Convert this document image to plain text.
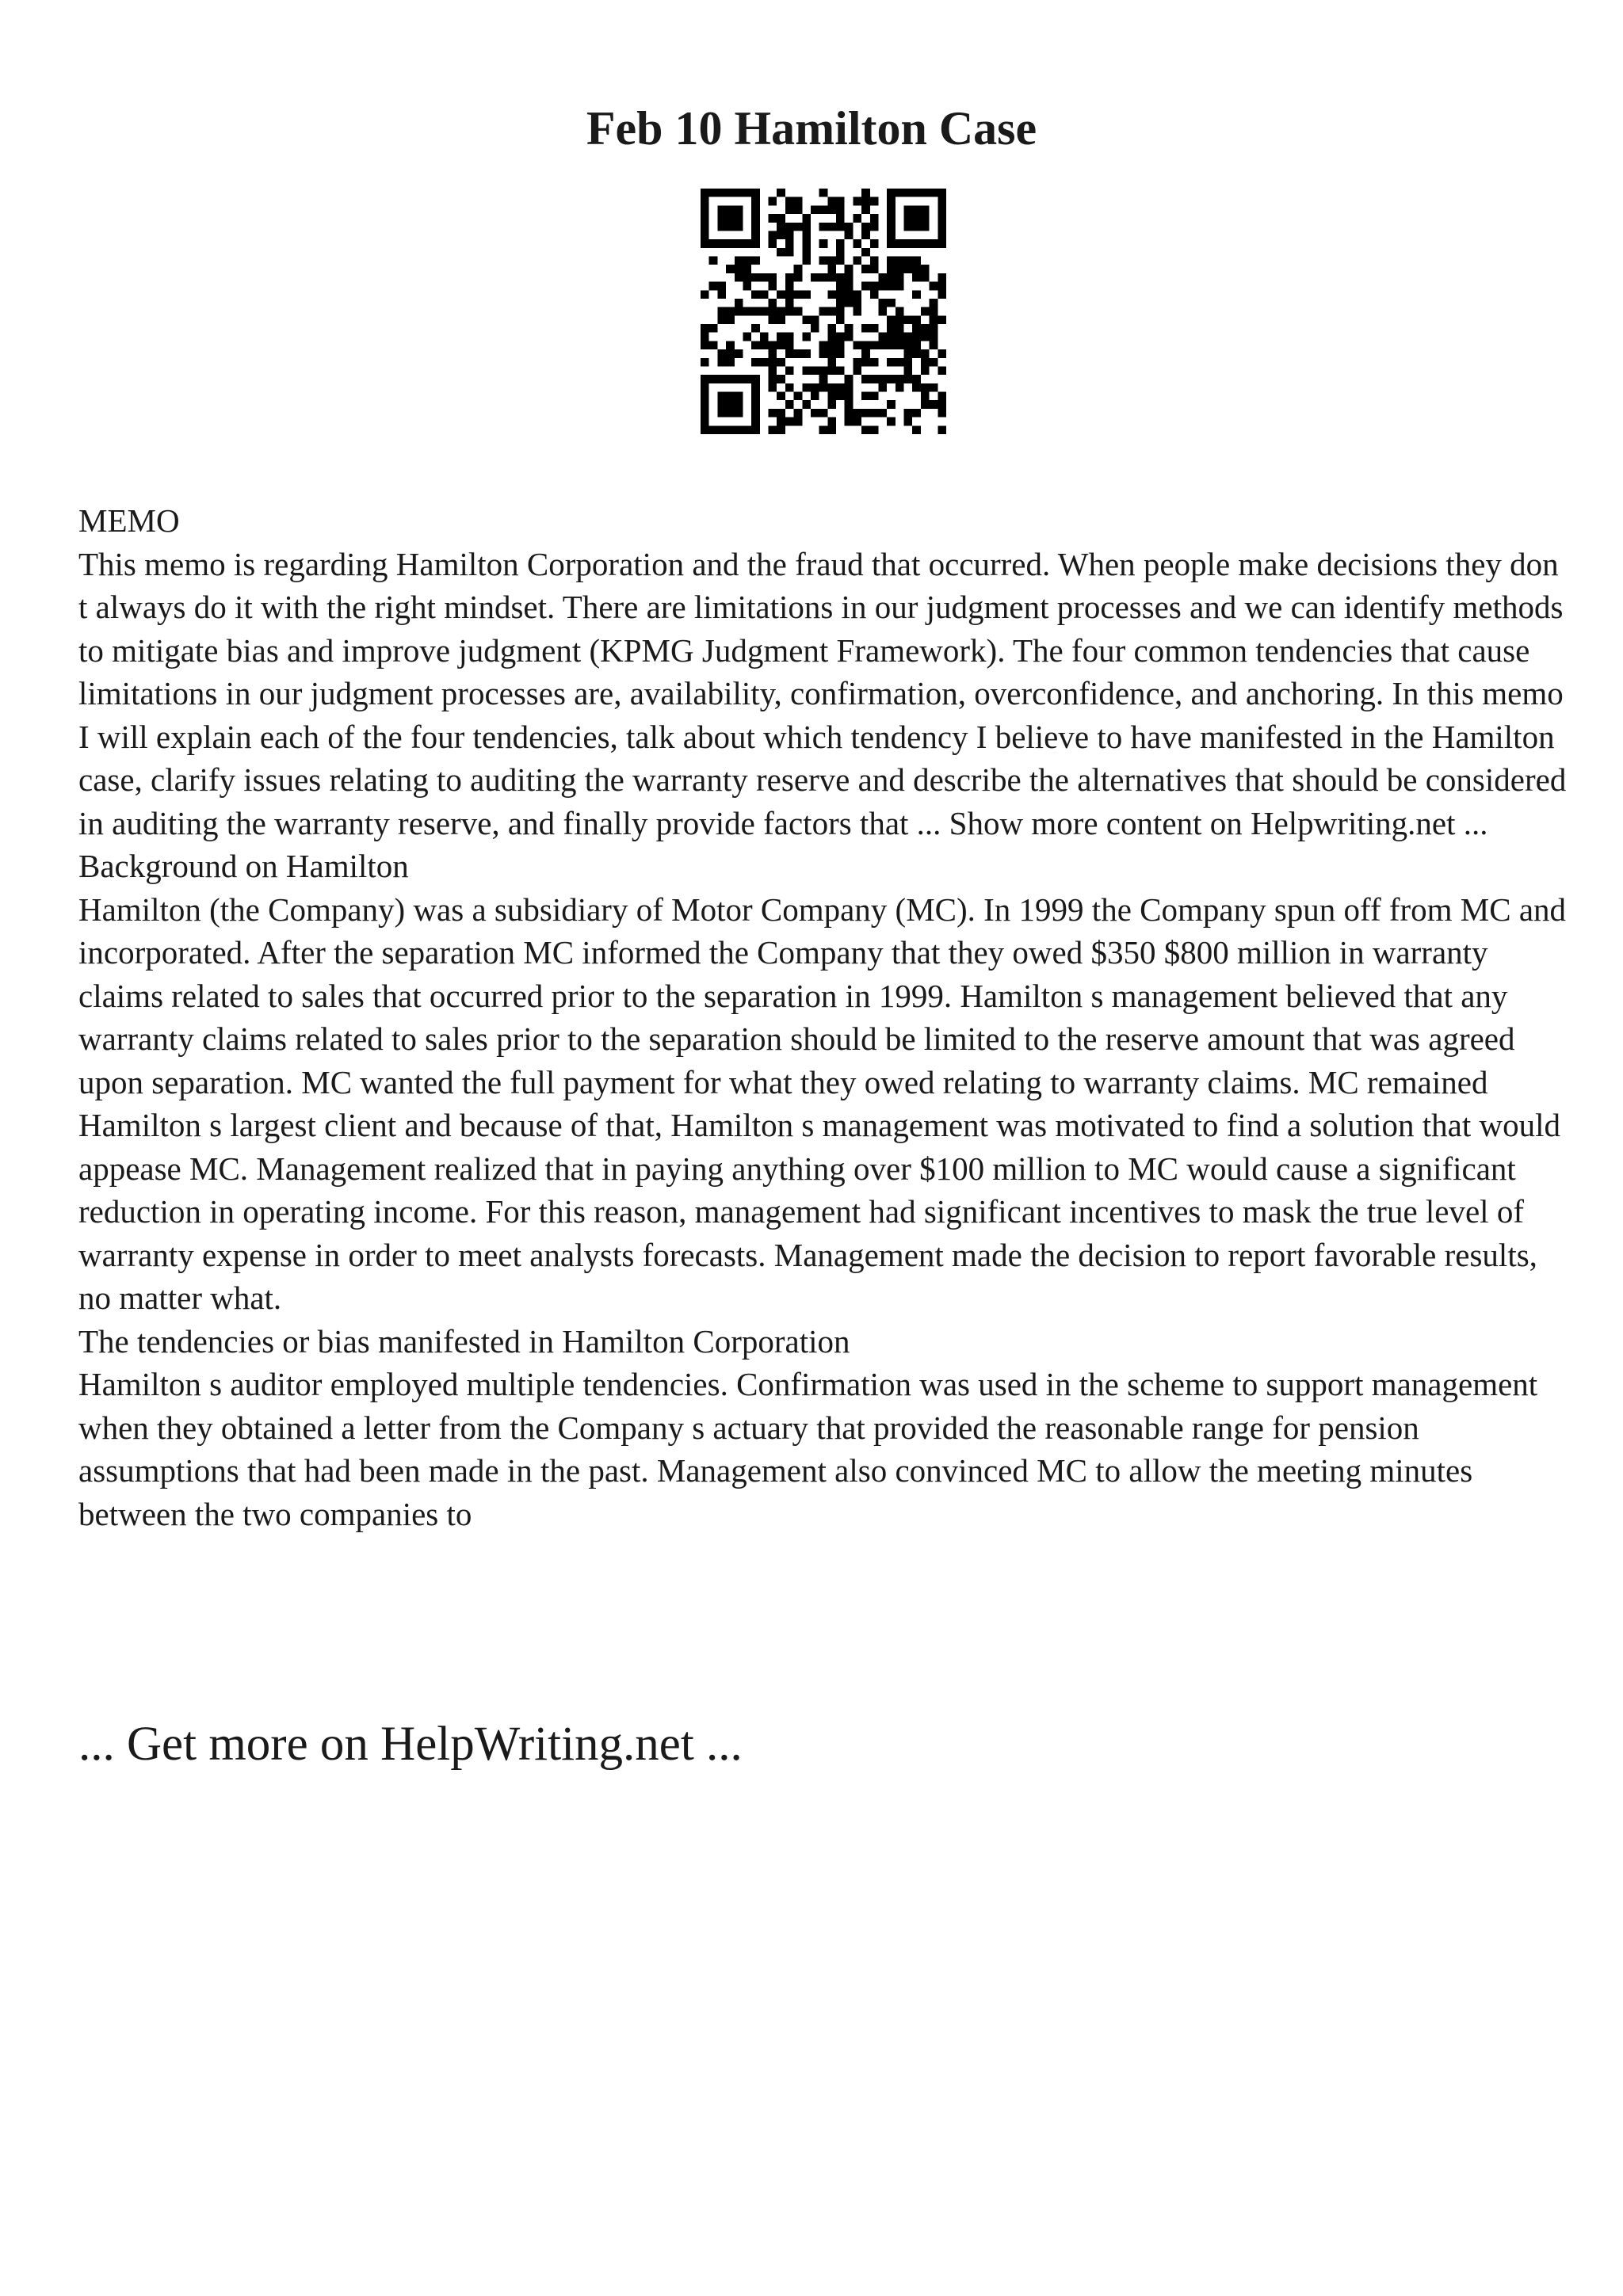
Feb 10 Hamilton Case

MEMO

This memo is regarding Hamilton Corporation and the fraud that occurred. When people make decisions they don t always do it with the right mindset. There are limitations in our judgment processes and we can identify methods to mitigate bias and improve judgment (KPMG Judgment Framework). The four common tendencies that cause limitations in our judgment processes are, availability, confirmation, overconfidence, and anchoring. In this memo I will explain each of the four tendencies, talk about which tendency I believe to have manifested in the Hamilton case, clarify issues relating to auditing the warranty reserve and describe the alternatives that should be considered in auditing the warranty reserve, and finally provide factors that ... Show more content on Helpwriting.net ...

Background on Hamilton

Hamilton (the Company) was a subsidiary of Motor Company (MC). In 1999 the Company spun off from MC and incorporated. After the separation MC informed the Company that they owed $350 $800 million in warranty claims related to sales that occurred prior to the separation in 1999. Hamilton s management believed that any warranty claims related to sales prior to the separation should be limited to the reserve amount that was agreed upon separation. MC wanted the full payment for what they owed relating to warranty claims. MC remained Hamilton s largest client and because of that, Hamilton s management was motivated to find a solution that would appease MC. Management realized that in paying anything over $100 million to MC would cause a significant reduction in operating income. For this reason, management had significant incentives to mask the true level of warranty expense in order to meet analysts forecasts. Management made the decision to report favorable results, no matter what.

The tendencies or bias manifested in Hamilton Corporation

Hamilton s auditor employed multiple tendencies. Confirmation was used in the scheme to support management when they obtained a letter from the Company s actuary that provided the reasonable range for pension assumptions that had been made in the past. Management also convinced MC to allow the meeting minutes between the two companies to

... Get more on HelpWriting.net ...
